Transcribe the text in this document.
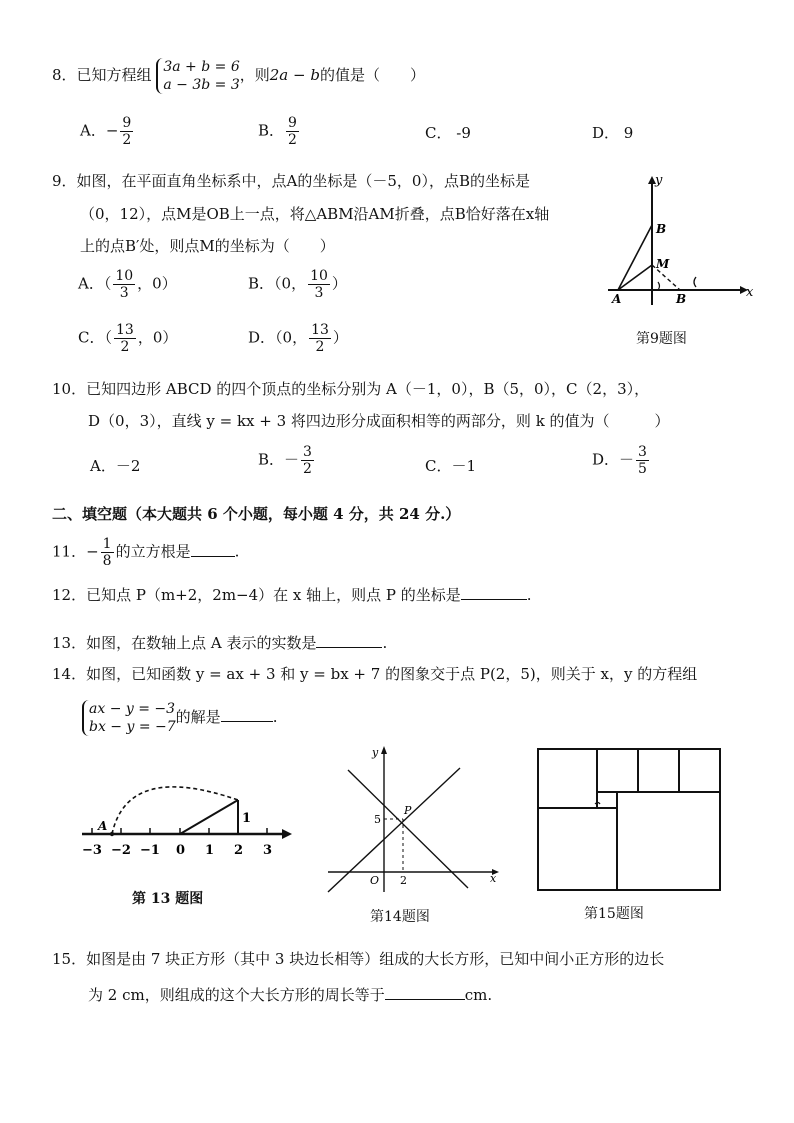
8．已知方程组 3a + b = 6
a − 3b = 3，则2a − b的值是（　　）
A．− $\frac{9}{2}$	B． $\frac{9}{2}$	C． -9	D． 9
9．如图，在平面直角坐标系中，点A的坐标是（－5，0），点B的坐标是
（0，12），点M是OB上一点，将△ABM沿AM折叠，点B恰好落在x轴
上的点B′处，则点M的坐标为（　　）
A．（ $\frac{10}{3}$ ，0）	B．（0， $\frac{10}{3}$ ）
C．（ $\frac{13}{2}$ ，0）	D．（0， $\frac{13}{2}$ ）
y
x
B
M
A	B
第9题图
10．已知四边形 ABCD 的四个顶点的坐标分别为 A（－1，0），B（5，0），C（2，3），
D（0，3），直线 y = kx + 3 将四边形分成面积相等的两部分，则 k 的值为（　　　）
A．－2	B．－ $\frac{3}{2}$	C．－1	D．－ $\frac{3}{5}$
二、填空题（本大题共 6 个小题，每小题 4 分，共 24 分.）
11．− $\frac{1}{8}$ 的立方根是	.
12．已知点 P（m+2，2m−4）在 x 轴上，则点 P 的坐标是	.
13．如图，在数轴上点 A 表示的实数是	.
14．如图，已知函数 y = ax + 3 和 y = bx + 7 的图象交于点 P(2，5)，则关于 x，y 的方程组
ax − y = −3
bx − y = −7的解是	.
A	1
−3 −2 −1 0 1 2 3
第 13 题图
y
x
O
P
5
2
第14题图	第15题图
15．如图是由 7 块正方形（其中 3 块边长相等）组成的大长方形，已知中间小正方形的边长
为 2 cm，则组成的这个大长方形的周长等于	cm.
